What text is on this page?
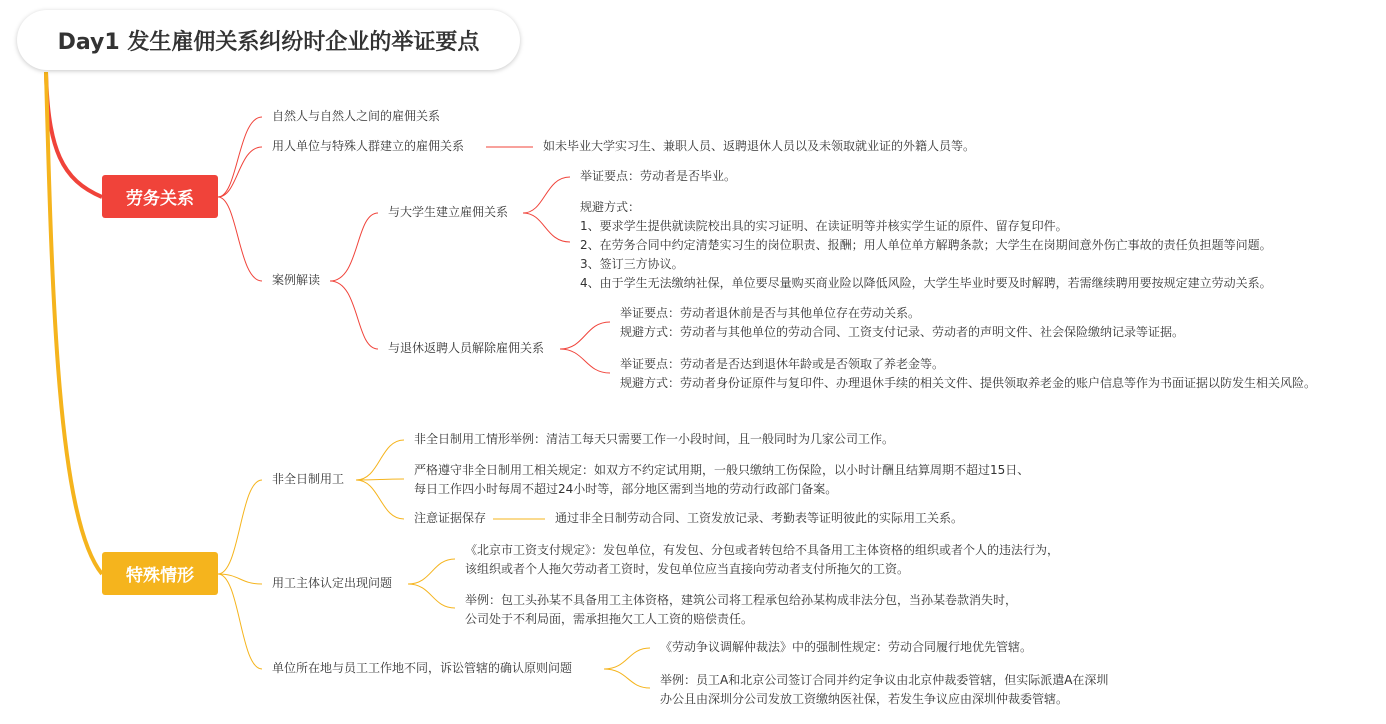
Day1 发生雇佣关系纠纷时企业的举证要点
劳务关系
特殊情形
自然人与自然人之间的雇佣关系
用人单位与特殊人群建立的雇佣关系	如未毕业大学实习生、兼职人员、返聘退休人员以及未领取就业证的外籍人员等。
案例解读
与大学生建立雇佣关系
举证要点：劳动者是否毕业。
规避方式：
1、要求学生提供就读院校出具的实习证明、在读证明等并核实学生证的原件、留存复印件。
2、在劳务合同中约定清楚实习生的岗位职责、报酬；用人单位单方解聘条款；大学生在岗期间意外伤亡事故的责任负担题等问题。
3、签订三方协议。
4、由于学生无法缴纳社保，单位要尽量购买商业险以降低风险，大学生毕业时要及时解聘，若需继续聘用要按规定建立劳动关系。
与退休返聘人员解除雇佣关系
举证要点：劳动者退休前是否与其他单位存在劳动关系。
规避方式：劳动者与其他单位的劳动合同、工资支付记录、劳动者的声明文件、社会保险缴纳记录等证据。
举证要点：劳动者是否达到退休年龄或是否领取了养老金等。
规避方式：劳动者身份证原件与复印件、办理退休手续的相关文件、提供领取养老金的账户信息等作为书面证据以防发生相关风险。
非全日制用工
非全日制用工情形举例：清洁工每天只需要工作一小段时间，且一般同时为几家公司工作。
严格遵守非全日制用工相关规定：如双方不约定试用期，一般只缴纳工伤保险，以小时计酬且结算周期不超过15日、
每日工作四小时每周不超过24小时等，部分地区需到当地的劳动行政部门备案。
注意证据保存	通过非全日制劳动合同、工资发放记录、考勤表等证明彼此的实际用工关系。
用工主体认定出现问题
《北京市工资支付规定》：发包单位，有发包、分包或者转包给不具备用工主体资格的组织或者个人的违法行为，
该组织或者个人拖欠劳动者工资时，发包单位应当直接向劳动者支付所拖欠的工资。
举例：包工头孙某不具备用工主体资格，建筑公司将工程承包给孙某构成非法分包，当孙某卷款消失时，
公司处于不利局面，需承担拖欠工人工资的赔偿责任。
单位所在地与员工工作地不同，诉讼管辖的确认原则问题
《劳动争议调解仲裁法》中的强制性规定：劳动合同履行地优先管辖。
举例：员工A和北京公司签订合同并约定争议由北京仲裁委管辖，但实际派遣A在深圳
办公且由深圳分公司发放工资缴纳医社保，若发生争议应由深圳仲裁委管辖。
